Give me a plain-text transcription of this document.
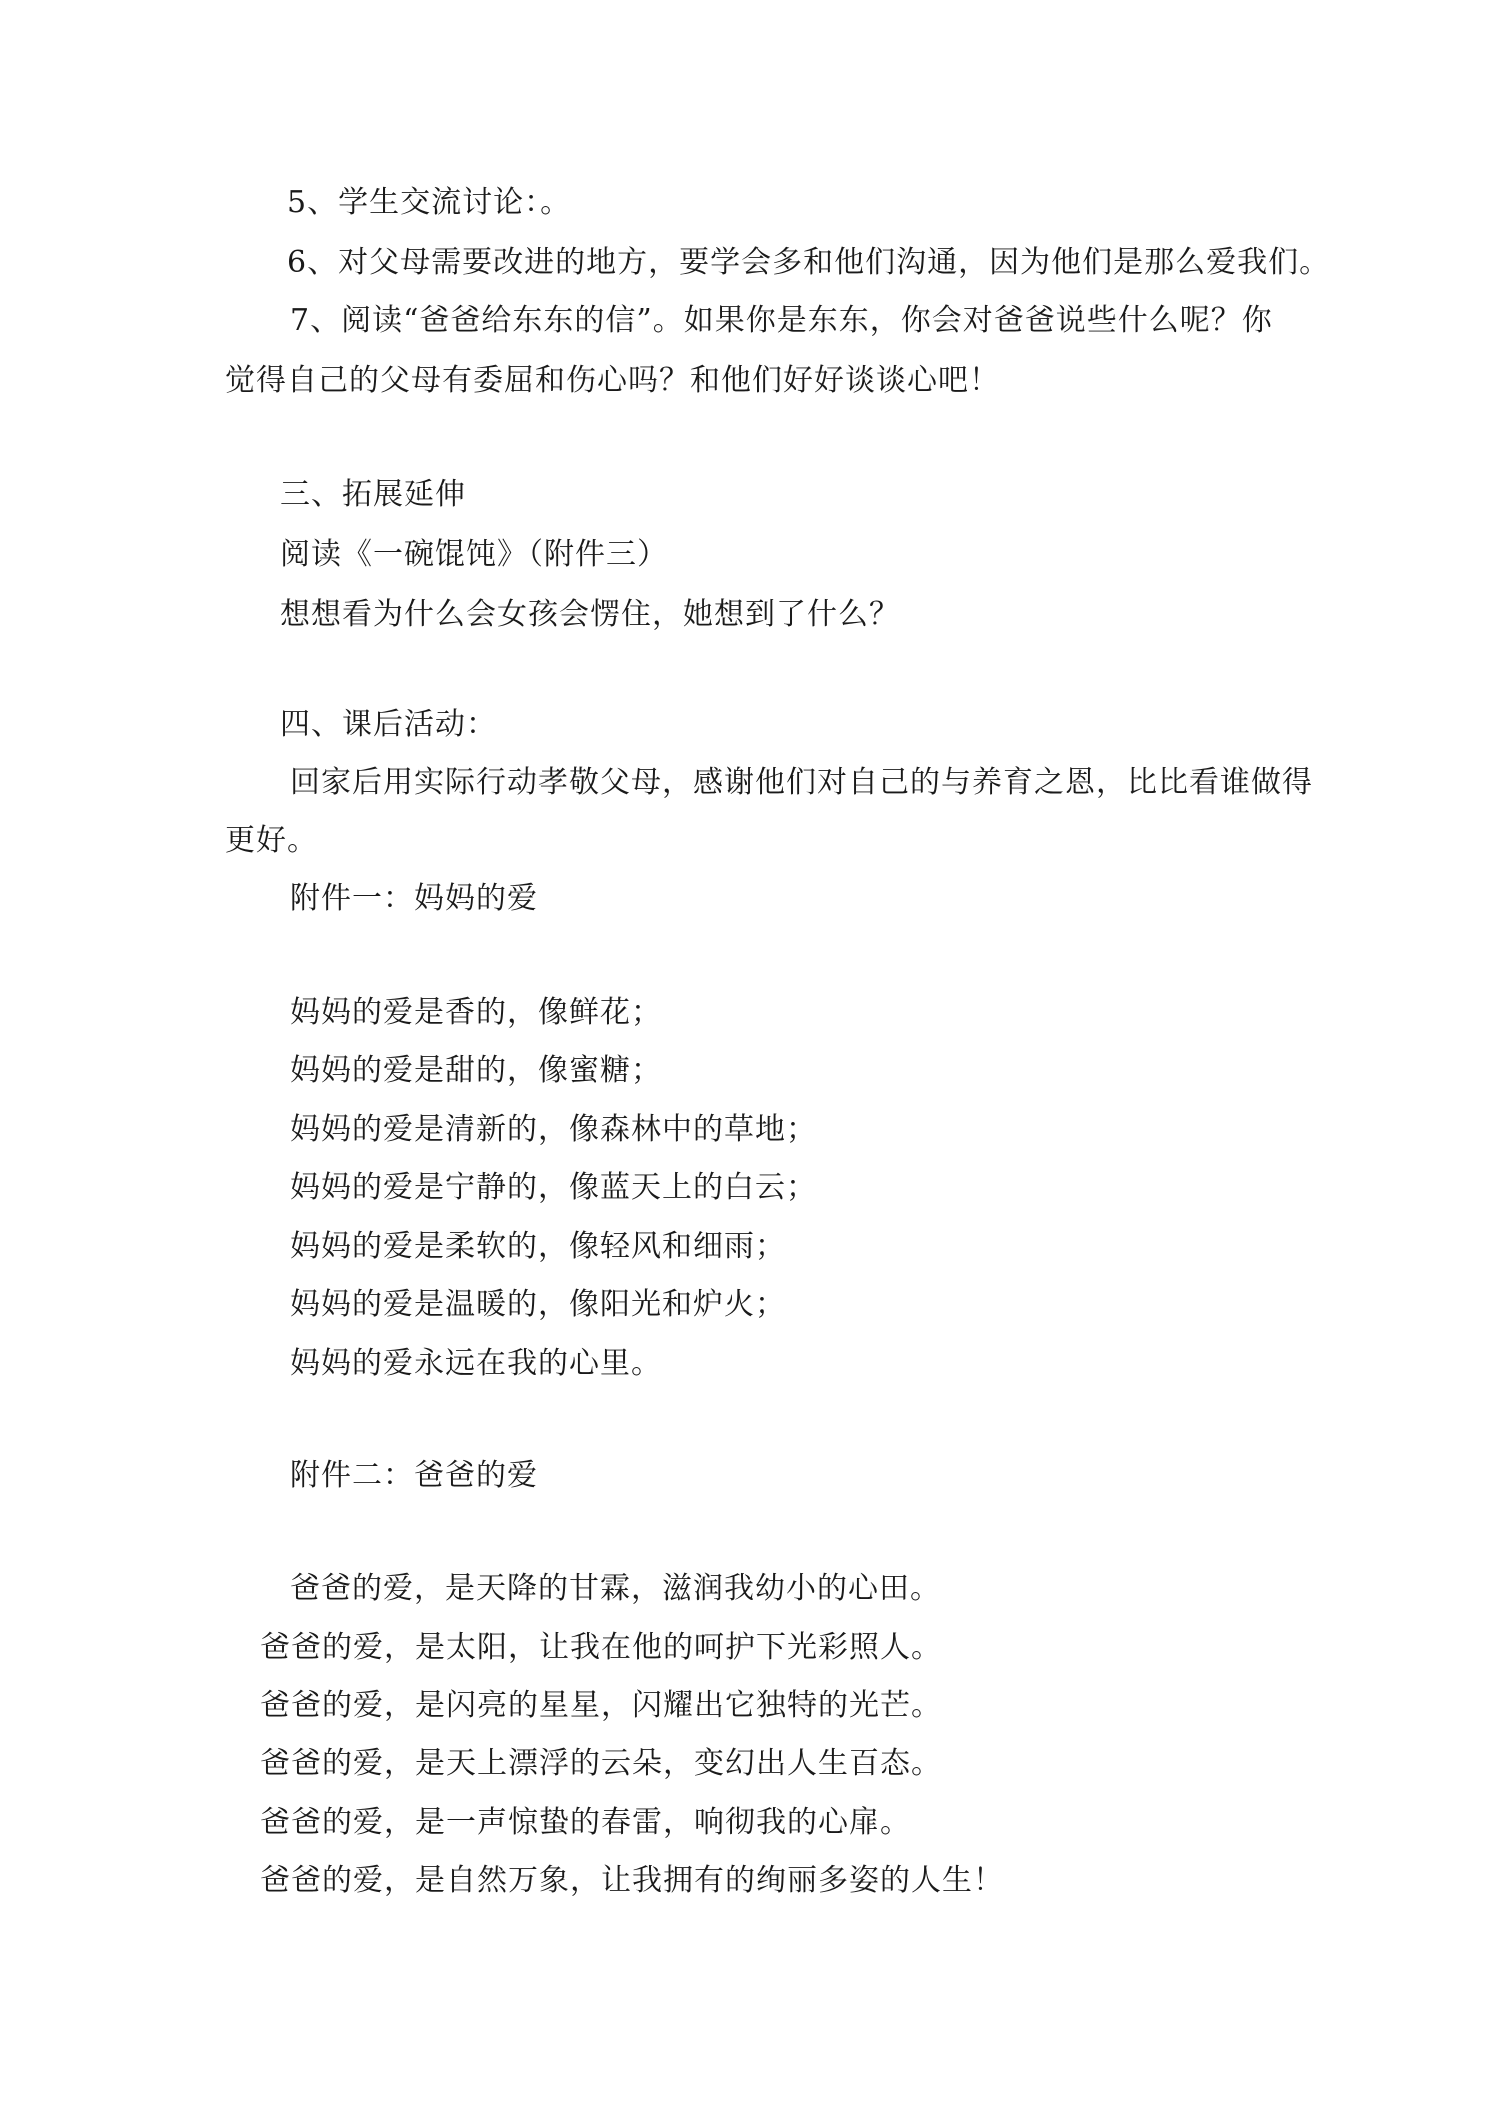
5、学生交流讨论：。
6、对父母需要改进的地方，要学会多和他们沟通，因为他们是那么爱我们。
7、阅读“爸爸给东东的信”。如果你是东东，你会对爸爸说些什么呢？你
觉得自己的父母有委屈和伤心吗？和他们好好谈谈心吧！
三、拓展延伸
阅读《一碗馄饨》（附件三）
想想看为什么会女孩会愣住，她想到了什么？
四、课后活动：
回家后用实际行动孝敬父母，感谢他们对自己的与养育之恩，比比看谁做得
更好。
附件一：妈妈的爱
妈妈的爱是香的，像鲜花；
妈妈的爱是甜的，像蜜糖；
妈妈的爱是清新的，像森林中的草地；
妈妈的爱是宁静的，像蓝天上的白云；
妈妈的爱是柔软的，像轻风和细雨；
妈妈的爱是温暖的，像阳光和炉火；
妈妈的爱永远在我的心里。
附件二：爸爸的爱
爸爸的爱，是天降的甘霖，滋润我幼小的心田。
爸爸的爱，是太阳，让我在他的呵护下光彩照人。
爸爸的爱，是闪亮的星星，闪耀出它独特的光芒。
爸爸的爱，是天上漂浮的云朵，变幻出人生百态。
爸爸的爱，是一声惊蛰的春雷，响彻我的心扉。
爸爸的爱，是自然万象，让我拥有的绚丽多姿的人生！
